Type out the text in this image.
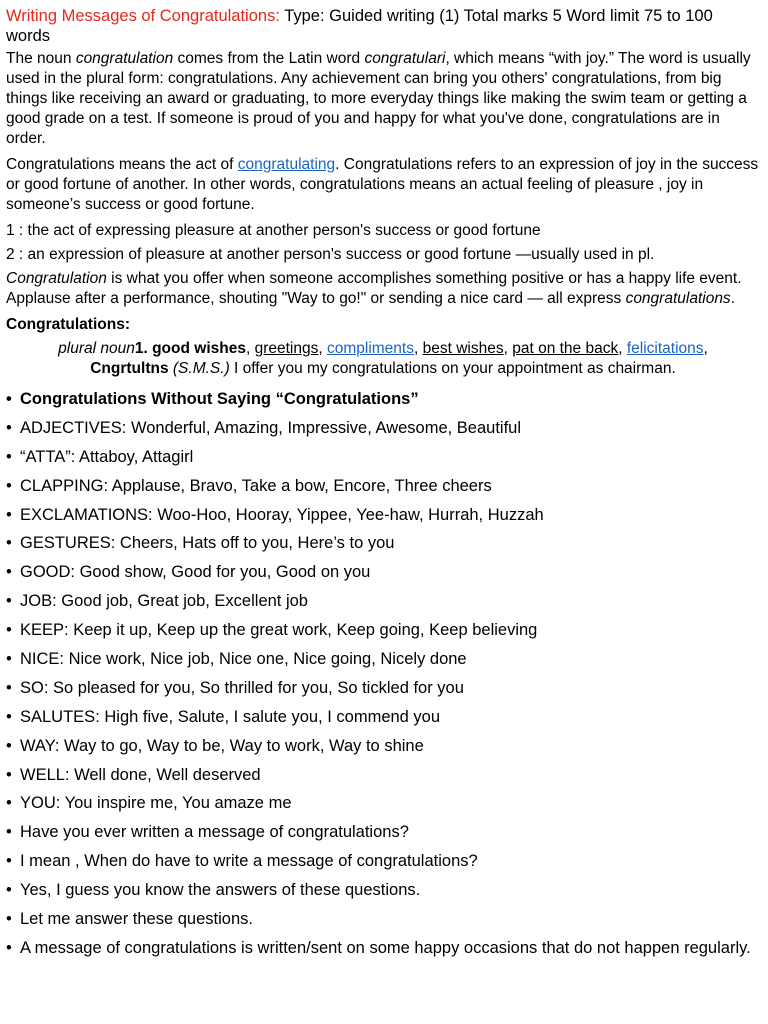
Writing Messages of Congratulations: Type: Guided writing (1) Total marks 5 Word limit 75 to 100 words

The noun congratulation comes from the Latin word congratulari, which means “with joy.” The word is usually used in the plural form: congratulations. Any achievement can bring you others' congratulations, from big things like receiving an award or graduating, to more everyday things like making the swim team or getting a good grade on a test. If someone is proud of you and happy for what you've done, congratulations are in order.

Congratulations means the act of congratulating. Congratulations refers to an expression of joy in the success or good fortune of another. In other words, congratulations means an actual feeling of pleasure , joy in someone’s success or good fortune.

1 : the act of expressing pleasure at another person's success or good fortune

2 : an expression of pleasure at another person's success or good fortune —usually used in pl.

Congratulation is what you offer when someone accomplishes something positive or has a happy life event. Applause after a performance, shouting "Way to go!" or sending a nice card — all express congratulations.

Congratulations:

plural noun1. good wishes, greetings, compliments, best wishes, pat on the back, felicitations,
Cngrtultns (S.M.S.) I offer you my congratulations on your appointment as chairman.
• Congratulations Without Saying “Congratulations”
• ADJECTIVES: Wonderful, Amazing, Impressive, Awesome, Beautiful
• “ATTA”: Attaboy, Attagirl
• CLAPPING: Applause, Bravo, Take a bow, Encore, Three cheers
• EXCLAMATIONS: Woo-Hoo, Hooray, Yippee, Yee-haw, Hurrah, Huzzah
• GESTURES: Cheers, Hats off to you, Here’s to you
• GOOD: Good show, Good for you, Good on you
• JOB: Good job, Great job, Excellent job
• KEEP: Keep it up, Keep up the great work, Keep going, Keep believing
• NICE: Nice work, Nice job, Nice one, Nice going, Nicely done
• SO: So pleased for you, So thrilled for you, So tickled for you
• SALUTES: High five, Salute, I salute you, I commend you
• WAY: Way to go, Way to be, Way to work, Way to shine
• WELL: Well done, Well deserved
• YOU: You inspire me, You amaze me
• Have you ever written a message of congratulations?
• I mean , When do have to write a message of congratulations?
• Yes, I guess you know the answers of these questions.
• Let me answer these questions.
• A message of congratulations is written/sent on some happy occasions that do not happen regularly.
